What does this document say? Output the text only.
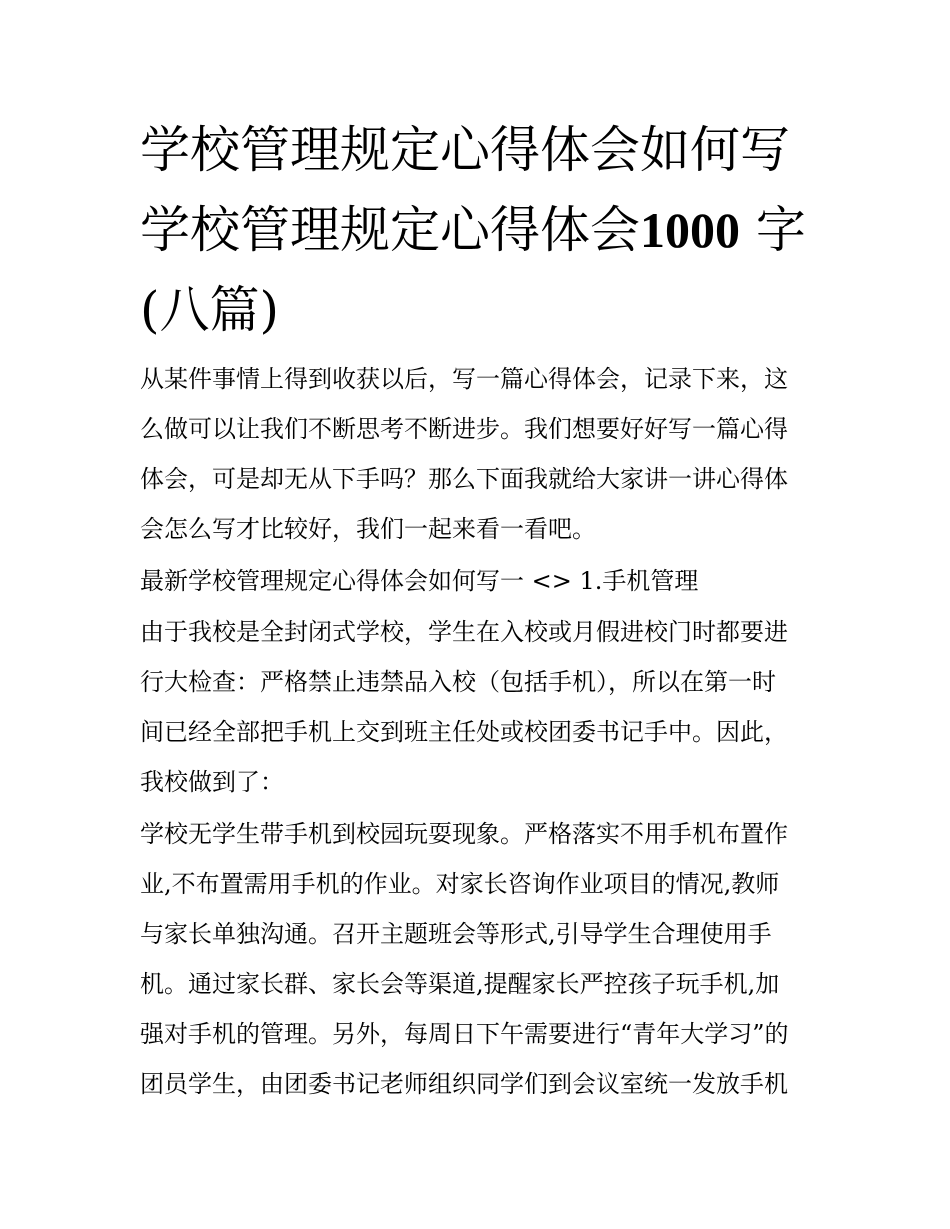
学校管理规定心得体会如何写
学校管理规定心得体会1000 字
(八篇)
从某件事情上得到收获以后，写一篇心得体会，记录下来，这
么做可以让我们不断思考不断进步。我们想要好好写一篇心得
体会，可是却无从下手吗？那么下面我就给大家讲一讲心得体
会怎么写才比较好，我们一起来看一看吧。
最新学校管理规定心得体会如何写一 <> 1.手机管理
由于我校是全封闭式学校，学生在入校或月假进校门时都要进
行大检查：严格禁止违禁品入校（包括手机），所以在第一时
间已经全部把手机上交到班主任处或校团委书记手中。因此，
我校做到了：
学校无学生带手机到校园玩耍现象。严格落实不用手机布置作
业,不布置需用手机的作业。对家长咨询作业项目的情况,教师
与家长单独沟通。召开主题班会等形式,引导学生合理使用手
机。通过家长群、家长会等渠道,提醒家长严控孩子玩手机,加
强对手机的管理。另外，每周日下午需要进行“青年大学习”的
团员学生，由团委书记老师组织同学们到会议室统一发放手机
